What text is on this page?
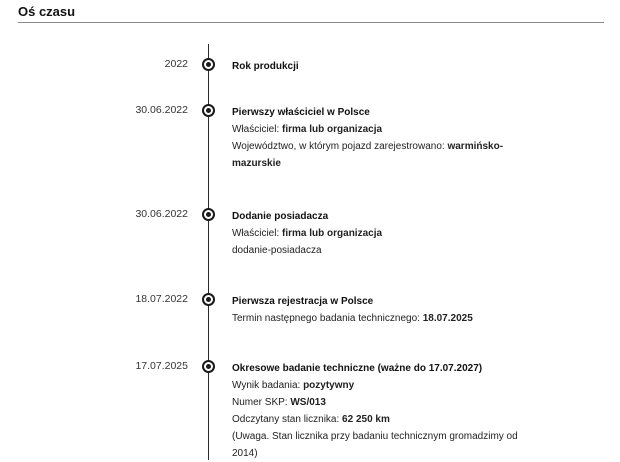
Oś czasu
2022	Rok produkcji
30.06.2022	Pierwszy właściciel w Polsce
Właściciel: firma lub organizacja
Województwo, w którym pojazd zarejestrowano: warmińsko-
mazurskie
30.06.2022	Dodanie posiadacza
Właściciel: firma lub organizacja
dodanie-posiadacza
18.07.2022	Pierwsza rejestracja w Polsce
Termin następnego badania technicznego: 18.07.2025
17.07.2025	Okresowe badanie techniczne (ważne do 17.07.2027)
Wynik badania: pozytywny
Numer SKP: WS/013
Odczytany stan licznika: 62 250 km
(Uwaga. Stan licznika przy badaniu technicznym gromadzimy od
2014)
